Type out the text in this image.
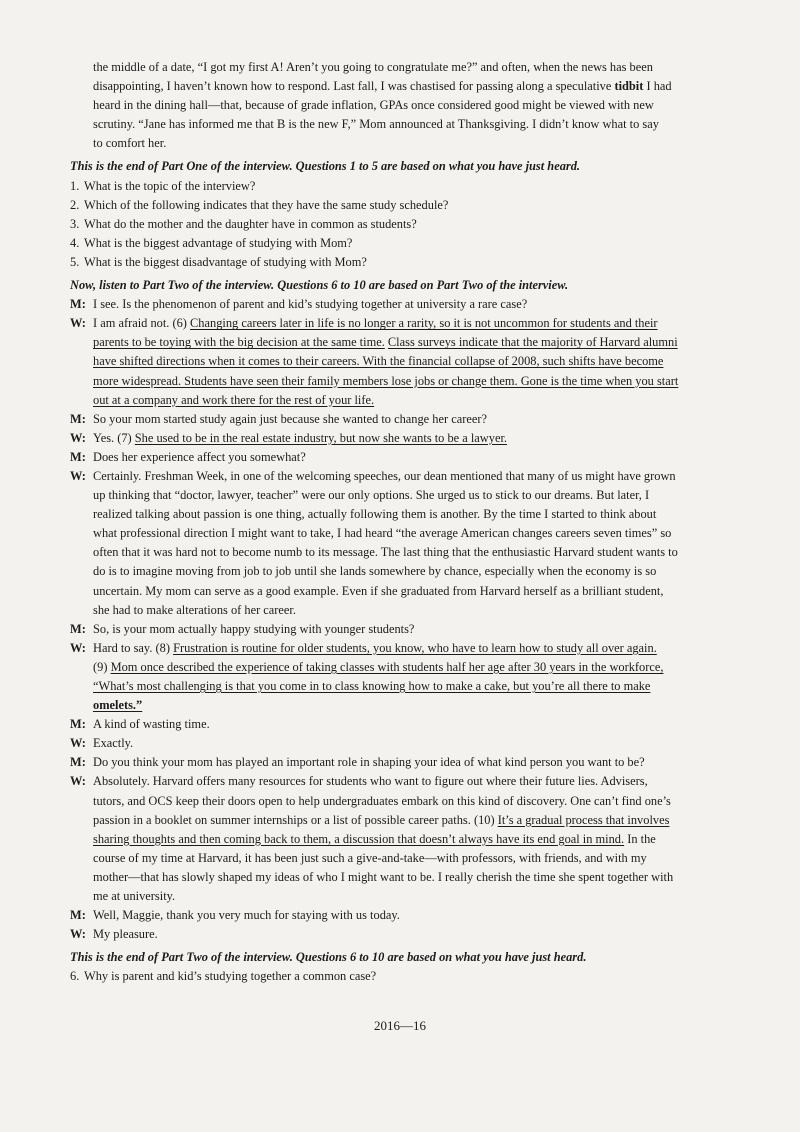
the middle of a date, “I got my first A! Aren’t you going to congratulate me?” and often, when the news has been

disappointing, I haven’t known how to respond. Last fall, I was chastised for passing along a speculative tidbit I had

heard in the dining hall—that, because of grade inflation, GPAs once considered good might be viewed with new

scrutiny. “Jane has informed me that B is the new F,” Mom announced at Thanksgiving. I didn’t know what to say

to comfort her.

This is the end of Part One of the interview. Questions 1 to 5 are based on what you have just heard.

1. What is the topic of the interview?
2. Which of the following indicates that they have the same study schedule?
3. What do the mother and the daughter have in common as students?
4. What is the biggest advantage of studying with Mom?
5. What is the biggest disadvantage of studying with Mom?

Now, listen to Part Two of the interview. Questions 6 to 10 are based on Part Two of the interview.

M: I see. Is the phenomenon of parent and kid’s studying together at university a rare case?
W: I am afraid not. (6) Changing careers later in life is no longer a rarity, so it is not uncommon for students and their

parents to be toying with the big decision at the same time. Class surveys indicate that the majority of Harvard alumni

have shifted directions when it comes to their careers. With the financial collapse of 2008, such shifts have become

more widespread. Students have seen their family members lose jobs or change them. Gone is the time when you start

out at a company and work there for the rest of your life.

M: So your mom started study again just because she wanted to change her career?
W: Yes. (7) She used to be in the real estate industry, but now she wants to be a lawyer.
M: Does her experience affect you somewhat?
W: Certainly. Freshman Week, in one of the welcoming speeches, our dean mentioned that many of us might have grown

up thinking that “doctor, lawyer, teacher” were our only options. She urged us to stick to our dreams. But later, I

realized talking about passion is one thing, actually following them is another. By the time I started to think about

what professional direction I might want to take, I had heard “the average American changes careers seven times” so

often that it was hard not to become numb to its message. The last thing that the enthusiastic Harvard student wants to

do is to imagine moving from job to job until she lands somewhere by chance, especially when the economy is so

uncertain. My mom can serve as a good example. Even if she graduated from Harvard herself as a brilliant student,

she had to make alterations of her career.

M: So, is your mom actually happy studying with younger students?
W: Hard to say. (8) Frustration is routine for older students, you know, who have to learn how to study all over again.

(9) Mom once described the experience of taking classes with students half her age after 30 years in the workforce,

“What’s most challenging is that you come in to class knowing how to make a cake, but you’re all there to make

omelets.”

M: A kind of wasting time.
W: Exactly.
M: Do you think your mom has played an important role in shaping your idea of what kind person you want to be?
W: Absolutely. Harvard offers many resources for students who want to figure out where their future lies. Advisers,

tutors, and OCS keep their doors open to help undergraduates embark on this kind of discovery. One can’t find one’s

passion in a booklet on summer internships or a list of possible career paths. (10) It’s a gradual process that involves

sharing thoughts and then coming back to them, a discussion that doesn’t always have its end goal in mind. In the

course of my time at Harvard, it has been just such a give-and-take—with professors, with friends, and with my

mother—that has slowly shaped my ideas of who I might want to be. I really cherish the time she spent together with

me at university.

M: Well, Maggie, thank you very much for staying with us today.
W: My pleasure.

This is the end of Part Two of the interview. Questions 6 to 10 are based on what you have just heard.

6. Why is parent and kid’s studying together a common case?
2016—16
